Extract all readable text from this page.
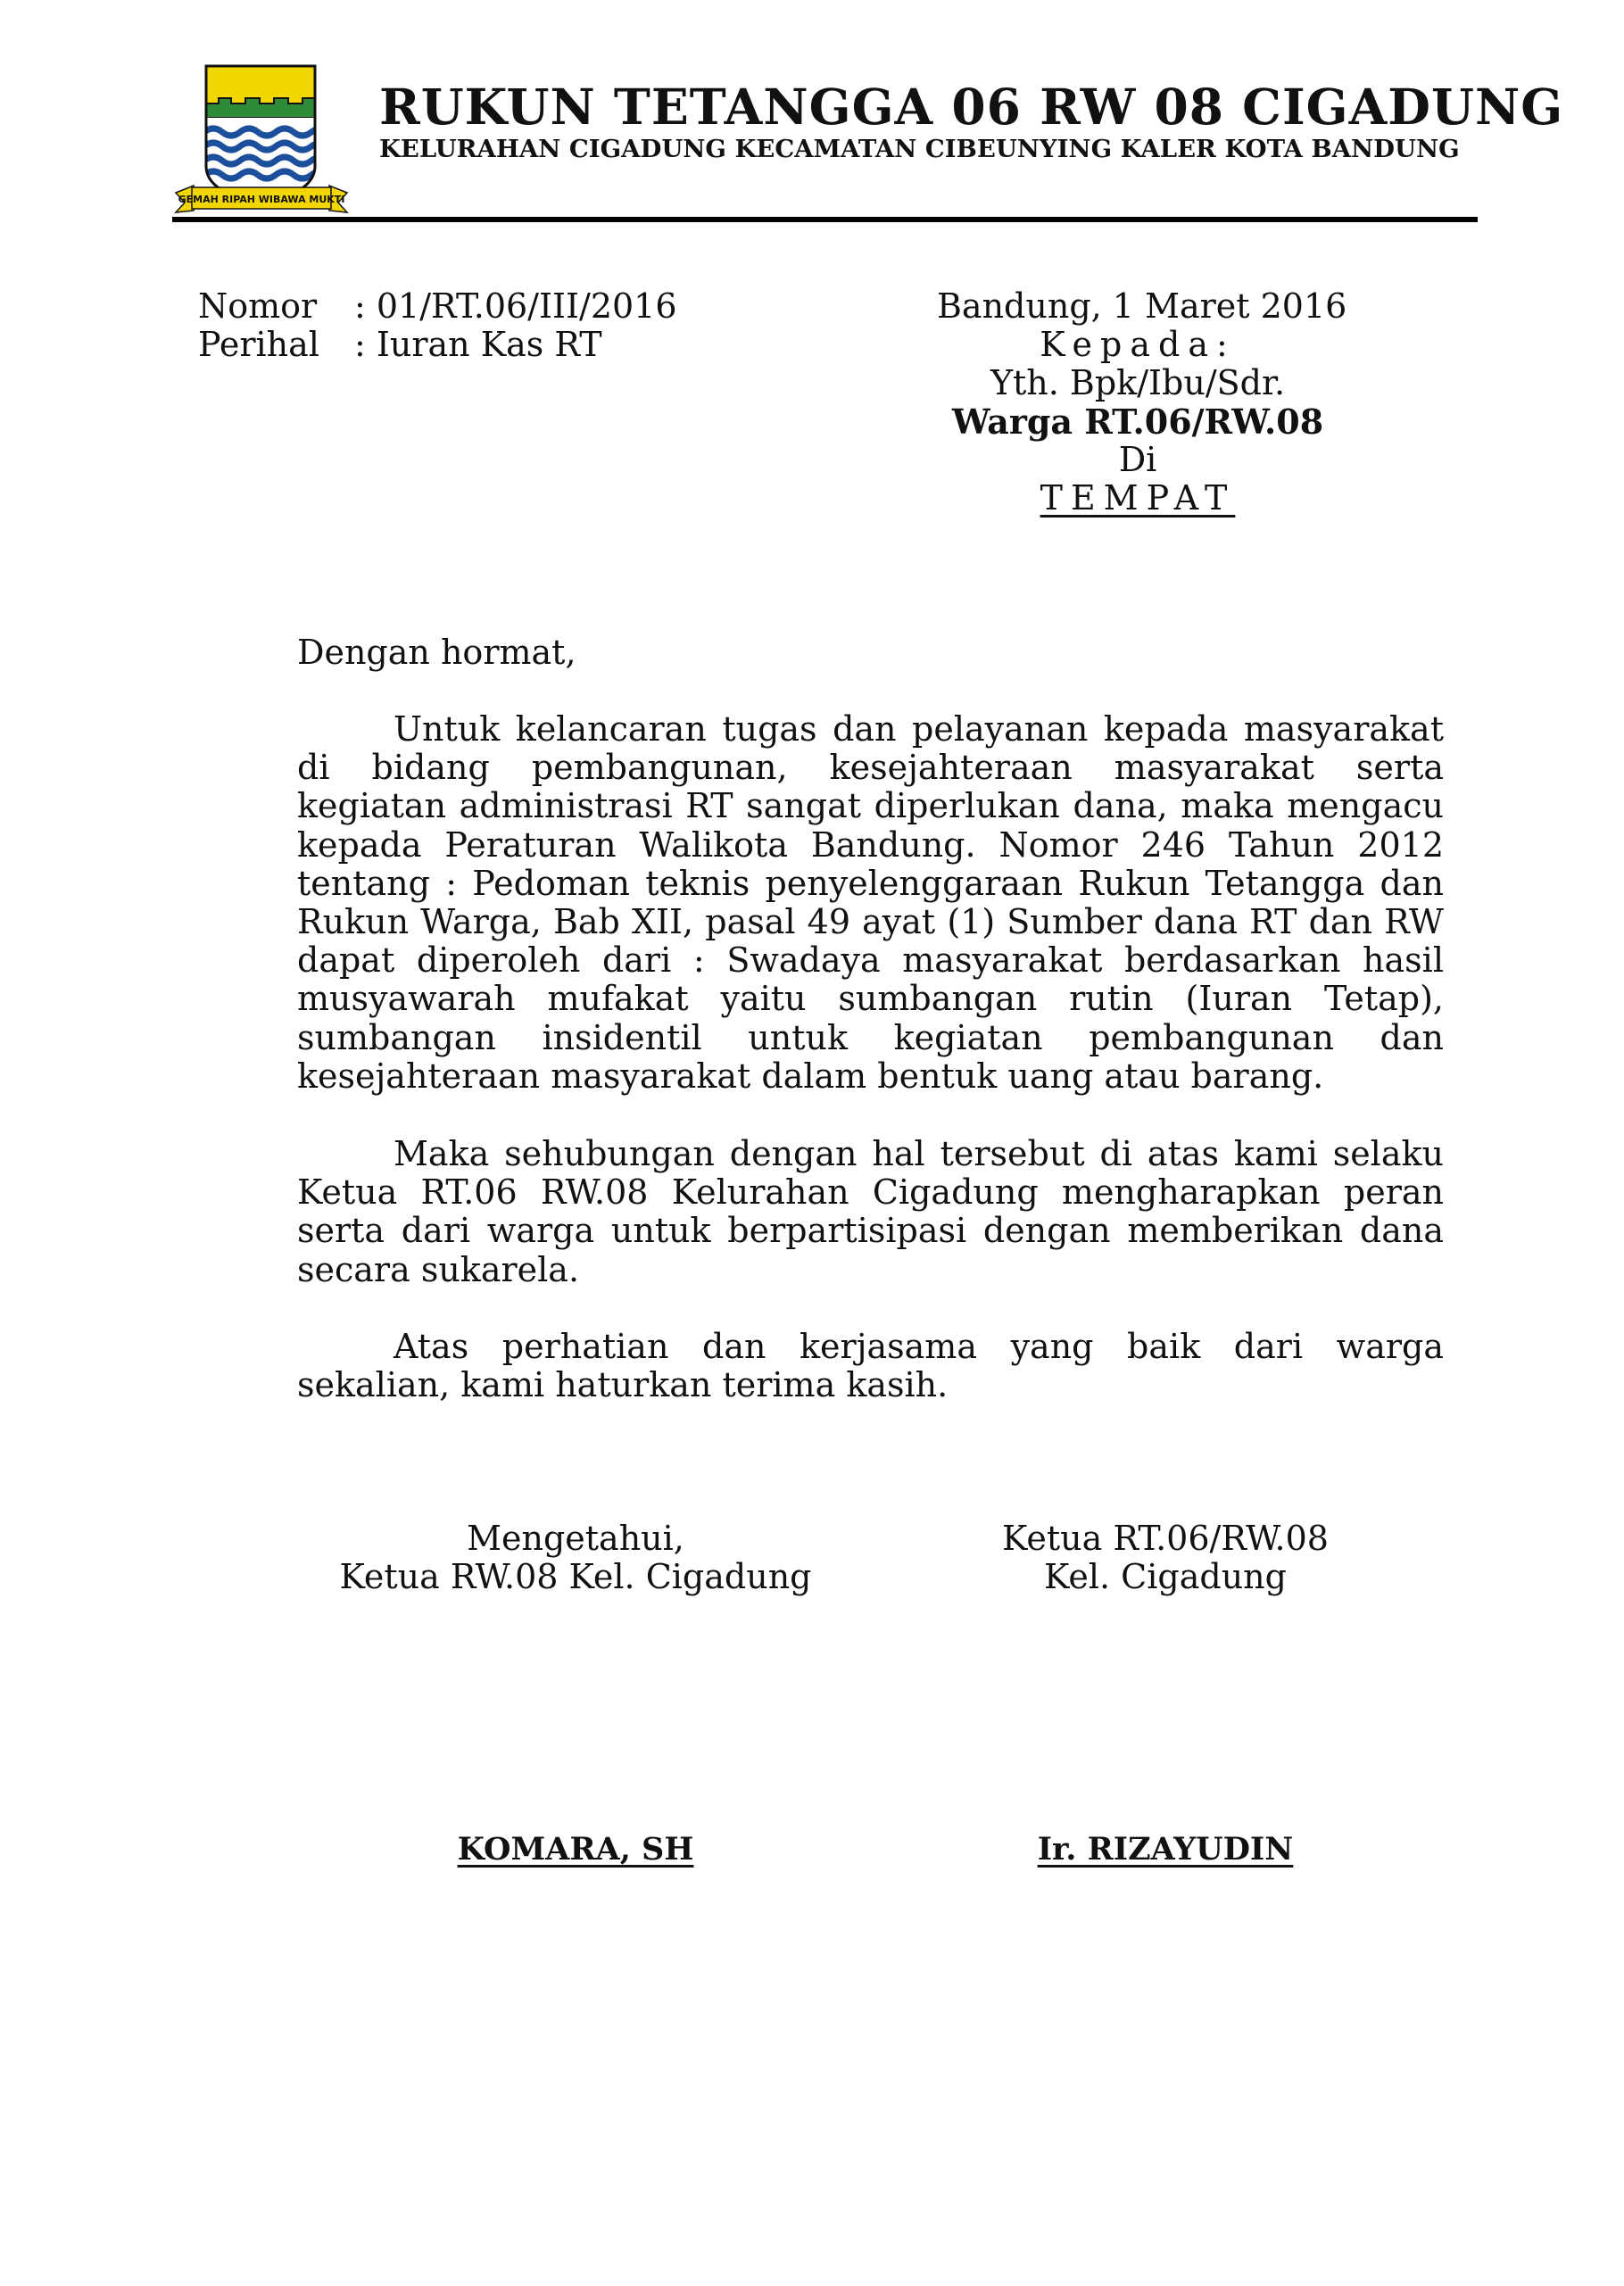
GEMAH RIPAH WIBAWA MUKTI
RUKUN TETANGGA 06 RW 08 CIGADUNG
KELURAHAN CIGADUNG KECAMATAN CIBEUNYING KALER KOTA BANDUNG
Nomor : 01/RT.06/III/2016
Perihal : Iuran Kas RT
Bandung, 1 Maret 2016
Kepada:
Yth. Bpk/Ibu/Sdr.
Warga RT.06/RW.08
Di
TEMPAT
Dengan hormat,
Untuk kelancaran tugas dan pelayanan kepada masyarakat di bidang pembangunan, kesejahteraan masyarakat serta kegiatan administrasi RT sangat diperlukan dana, maka mengacu kepada Peraturan Walikota Bandung. Nomor 246 Tahun 2012 tentang : Pedoman teknis penyelenggaraan Rukun Tetangga dan Rukun Warga, Bab XII, pasal 49 ayat (1) Sumber dana RT dan RW dapat diperoleh dari : Swadaya masyarakat berdasarkan hasil musyawarah mufakat yaitu sumbangan rutin (Iuran Tetap), sumbangan insidentil untuk kegiatan pembangunan dan kesejahteraan masyarakat dalam bentuk uang atau barang.
Maka sehubungan dengan hal tersebut di atas kami selaku Ketua RT.06 RW.08 Kelurahan Cigadung mengharapkan peran serta dari warga untuk berpartisipasi dengan memberikan dana secara sukarela.
Atas perhatian dan kerjasama yang baik dari warga sekalian, kami haturkan terima kasih.
Mengetahui,
Ketua RW.08 Kel. Cigadung
Ketua RT.06/RW.08
Kel. Cigadung
KOMARA, SH	Ir. RIZAYUDIN
